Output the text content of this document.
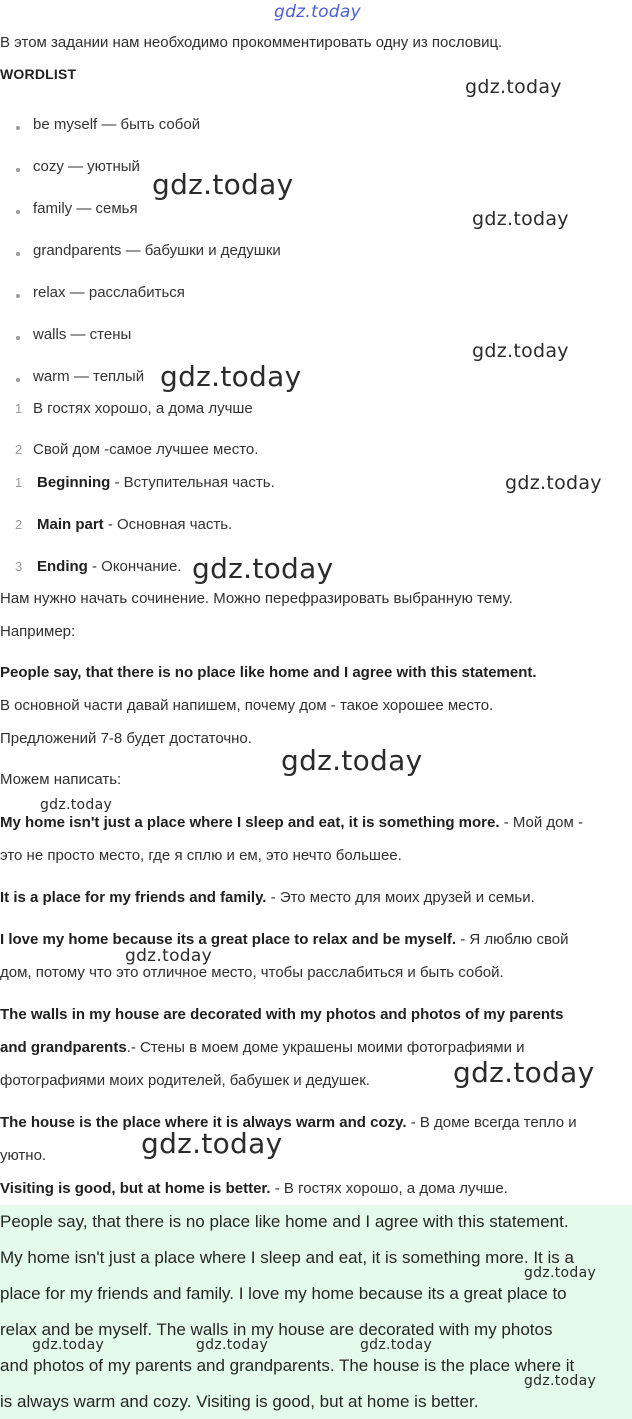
gdz.today
В этом задании нам необходимо прокомментировать одну из пословиц.
WORDLIST
be myself — быть собой
cozy — уютный
family — семья
grandparents — бабушки и дедушки
relax — расслабиться
walls — стены
warm — теплый
1 В гостях хорошо, а дома лучше
2 Свой дом -самое лучшее место.
1 Beginning - Вступительная часть.
2 Main part - Основная часть.
3 Ending - Окончание.
Нам нужно начать сочинение. Можно перефразировать выбранную тему.
Например:
People say, that there is no place like home and I agree with this statement.
В основной части давай напишем, почему дом - такое хорошее место.
Предложений 7-8 будет достаточно.
Можем написать:
My home isn't just a place where I sleep and eat, it is something more. - Мой дом -
это не просто место, где я сплю и ем, это нечто большее.
It is a place for my friends and family. - Это место для моих друзей и семьи.
I love my home because its a great place to relax and be myself. - Я люблю свой
дом, потому что это отличное место, чтобы расслабиться и быть собой.
The walls in my house are decorated with my photos and photos of my parents
and grandparents.- Стены в моем доме украшены моими фотографиями и
фотографиями моих родителей, бабушек и дедушек.
The house is the place where it is always warm and cozy. - В доме всегда тепло и
уютно.
Visiting is good, but at home is better. - В гостях хорошо, а дома лучше.
People say, that there is no place like home and I agree with this statement.
My home isn't just a place where I sleep and eat, it is something more. It is a
place for my friends and family. I love my home because its a great place to
relax and be myself. The walls in my house are decorated with my photos
and photos of my parents and grandparents. The house is the place where it
is always warm and cozy. Visiting is good, but at home is better.
gdz.today
gdz.today
gdz.today
gdz.today
gdz.today
gdz.today
gdz.today
gdz.today
gdz.today
gdz.today
gdz.today
gdz.today
gdz.today
gdz.today	gdz.today	gdz.today
gdz.today
